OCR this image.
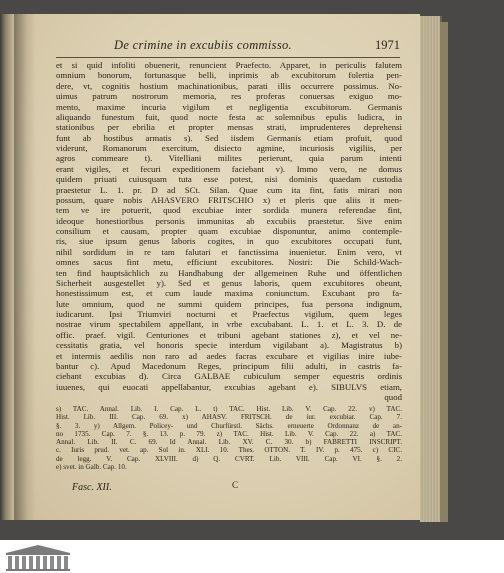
De crimine in excubiis commisso.	1971
et si quid infoliti obuenerit, renuncient Praefecto. Apparet, in periculis falutem
omnium bonorum, fortunasque belli, inprimis ab excubitorum folertia pen-
dere, vt, cognitis hostium machinationibus, parati illis occurrere possimus. No-
uimus patrum nostrorum memoria, res proferas conuersas exiguo mo-
mento, maxime incuria vigilum et negligentia excubitorum. Germanis
aliquando funestum fuit, quod nocte festa ac solemnibus epulis ludicra, in
stationibus per ebrilia et propter mensas strati, imprudenteres deprehensi
funt ab hostibus armatis s). Sed iisdem Germanis etiam profuit, quod
viderunt, Romanorum exercitum, disiecto agmine, incuriosis vigiliis, per
agros commeare t). Vitelliani milites perierunt, quia parum intenti
erant vigiles, et fecuri expeditionem faciebant v). Immo vero, ne domus
quidem priuati cuiusquam tuta esse potest, nisi dominis quaedam custodia
praestetur L. 1. pr. D ad SCt. Silan. Quae cum ita fint, fatis mirari non
possum, quare nobis AHASVERO FRITSCHIO x) et pleris que aliis it men-
tem ve ire potuerit, quod excubiae inter sordida munera referendae fint,
ideoque honestioribus personis immunitas ab excubiis praestetur. Sive enim
consilium et causam, propter quam excubiae disponuntur, animo contemple-
ris, siue ipsum genus laboris cogites, in quo excubitores occupati funt,
nihil sordidum in re tam falutari et fanctissima inuenietur. Enim vero, vt
omnes sacus fint metu, efficiunt excubitores. Nostri: Die Schild-Wach-
ten find hauptsächlich zu Handhabung der allgemeinen Ruhe und öffentlichen
Sicherheit ausgestellet y). Sed et genus laboris, quem excubitores obeunt,
honestissimum est, et cum laude maxima coniunctum. Excubant pro fa-
lute omnium, quod ne summi quidem principes, fua persona indignum,
iudicarunt. Ipsi Triumviri nocturni et Praefectus vigilum, quem leges
nostrae virum spectabilem appellant, in vrbe excubabant. L. 1. et L. 3. D. de
offic. praef. vigil. Centuriones et tribuni agebant stationes z), et vel ne-
cessitatis gratia, vel honoris specie interdum vigilabant a). Magistratus b)
et intermis aedilis non raro ad aedes facras excubare et vigilias inire iube-
bantur c). Apud Macedonum Reges, principum filii adulti, in castris fa-
ciebant excubias d). Circa GALBAE cubiculum semper equestris ordinis
iuuenes, qui euocati appellabantur, excubias agebant e). SIBULVS etiam,
quod
s) TAC. Annal. Lib. I. Cap. L. t) TAC. Hist. Lib. V. Cap. 22. v) TAC.
Hist. Lib. III. Cap. 69. x) AHASV. FRITSCH. de iur. excubiar. Cap. 7.
§. 3. y) Allgem. Policey- und Churfürstl. Sächs. erneuerte Ordonnanz de an-
no 1735. Cap. 7. §. 13. p. 79. z) TAC. Hist. Lib. V. Cap. 22. a) TAC.
Annal. Lib. II. C. 69. Id Annal. Lib. XV. C. 30. b) FABRETTI INSCRIPT.
c. Iuris prud. vet. ap. Sol in. XLI. 10. Thes. OTTON. T. IV. p. 475. c) CIC.
de legg. V. Cap. XLVIII. d) Q. CVRT. Lib. VIII. Cap. VI. §. 2.
e) svet. in Galb. Cap. 10.
Fasc. XII.	C
